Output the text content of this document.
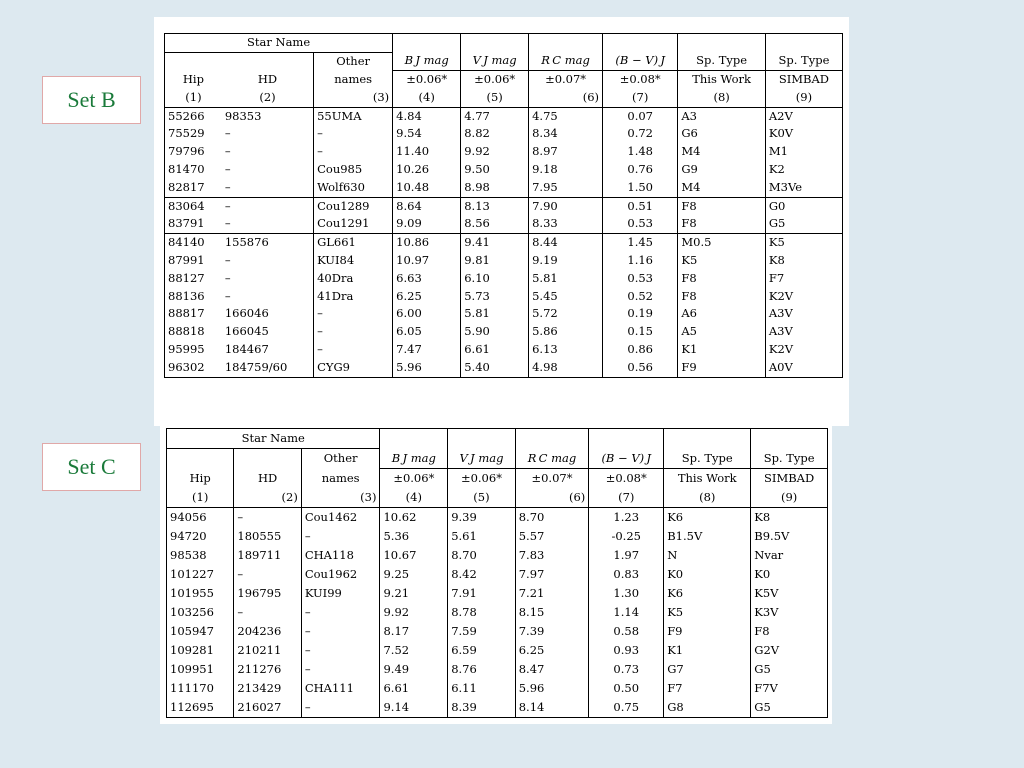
Set B
Set C
Star Name			B J mag	V J mag	R C mag	(B − V) J	Sp. Type	Sp. Type
Hip	HD	Other						
		names	±0.06*	±0.06*	±0.07*	±0.08*	This Work	SIMBAD
(1)	(2)	(3)	(4)	(5)	(6)	(7)	(8)	(9)
55266	98353	55UMA	4.84	4.77	4.75	0.07	A3	A2V
75529	–	–	9.54	8.82	8.34	0.72	G6	K0V
79796	–	–	11.40	9.92	8.97	1.48	M4	M1
81470	–	Cou985	10.26	9.50	9.18	0.76	G9	K2
82817	–	Wolf630	10.48	8.98	7.95	1.50	M4	M3Ve
83064	–	Cou1289	8.64	8.13	7.90	0.51	F8	G0
83791	–	Cou1291	9.09	8.56	8.33	0.53	F8	G5
84140	155876	GL661	10.86	9.41	8.44	1.45	M0.5	K5
87991	–	KUI84	10.97	9.81	9.19	1.16	K5	K8
88127	–	40Dra	6.63	6.10	5.81	0.53	F8	F7
88136	–	41Dra	6.25	5.73	5.45	0.52	F8	K2V
88817	166046	–	6.00	5.81	5.72	0.19	A6	A3V
88818	166045	–	6.05	5.90	5.86	0.15	A5	A3V
95995	184467	–	7.47	6.61	6.13	0.86	K1	K2V
96302	184759/60	CYG9	5.96	5.40	4.98	0.56	F9	A0V
Star Name			B J mag	V J mag	R C mag	(B − V) J	Sp. Type	Sp. Type
Hip	HD	Other						
		names	±0.06*	±0.06*	±0.07*	±0.08*	This Work	SIMBAD
(1)	(2)	(3)	(4)	(5)	(6)	(7)	(8)	(9)
94056	–	Cou1462	10.62	9.39	8.70	1.23	K6	K8
94720	180555	–	5.36	5.61	5.57	-0.25	B1.5V	B9.5V
98538	189711	CHA118	10.67	8.70	7.83	1.97	N	Nvar
101227	–	Cou1962	9.25	8.42	7.97	0.83	K0	K0
101955	196795	KUI99	9.21	7.91	7.21	1.30	K6	K5V
103256	–	–	9.92	8.78	8.15	1.14	K5	K3V
105947	204236	–	8.17	7.59	7.39	0.58	F9	F8
109281	210211	–	7.52	6.59	6.25	0.93	K1	G2V
109951	211276	–	9.49	8.76	8.47	0.73	G7	G5
111170	213429	CHA111	6.61	6.11	5.96	0.50	F7	F7V
112695	216027	–	9.14	8.39	8.14	0.75	G8	G5
